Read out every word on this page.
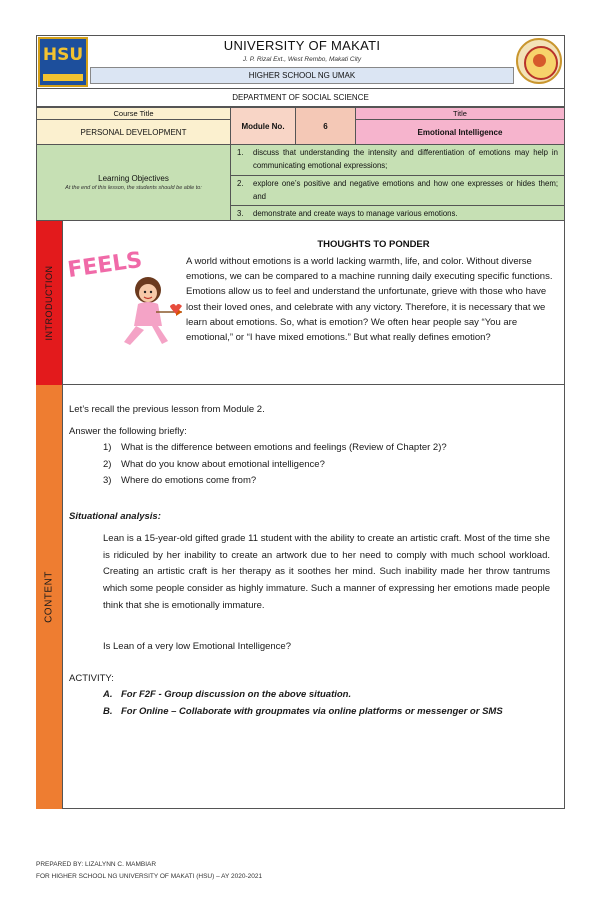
HSU	UNIVERSITY OF MAKATI
J. P. Rizal Ext., West Rembo, Makati City
HIGHER SCHOOL NG UMAK
DEPARTMENT OF SOCIAL SCIENCE
Course Title
PERSONAL DEVELOPMENT
Module No.	6
Title
Emotional Intelligence
Learning Objectives
At the end of this lesson, the students should be able to:
1. discuss that understanding the intensity and differentiation of emotions may help in communicating emotional expressions;
2. explore one’s positive and negative emotions and how one expresses or hides them; and
3. demonstrate and create ways to manage various emotions.
INTRODUCTION
FEELS
THOUGHTS TO PONDER
A world without emotions is a world lacking warmth, life, and color. Without diverse emotions, we can be compared to a machine running daily executing specific functions. Emotions allow us to feel and understand the unfortunate, grieve with those who have lost their loved ones, and celebrate with any victory. Therefore, it is necessary that we learn about emotions. So, what is emotion? We often hear people say “You are emotional,” or “I have mixed emotions.” But what really defines emotion?
CONTENT
Let’s recall the previous lesson from Module 2.
Answer the following briefly:
1) What is the difference between emotions and feelings (Review of Chapter 2)?
2) What do you know about emotional intelligence?
3) Where do emotions come from?
Situational analysis:
Lean is a 15-year-old gifted grade 11 student with the ability to create an artistic craft. Most of the time she is ridiculed by her inability to create an artwork due to her need to comply with much school workload. Creating an artistic craft is her therapy as it soothes her mind. Such inability made her throw tantrums which some people consider as highly immature. Such a manner of expressing her emotions made people think that she is emotionally immature.
Is Lean of a very low Emotional Intelligence?
ACTIVITY:
A. For F2F - Group discussion on the above situation.
B. For Online – Collaborate with groupmates via online platforms or messenger or SMS
PREPARED BY: LIZALYNN C. MAMBIAR
FOR HIGHER SCHOOL NG UNIVERSITY OF MAKATI (HSU) – AY 2020-2021
